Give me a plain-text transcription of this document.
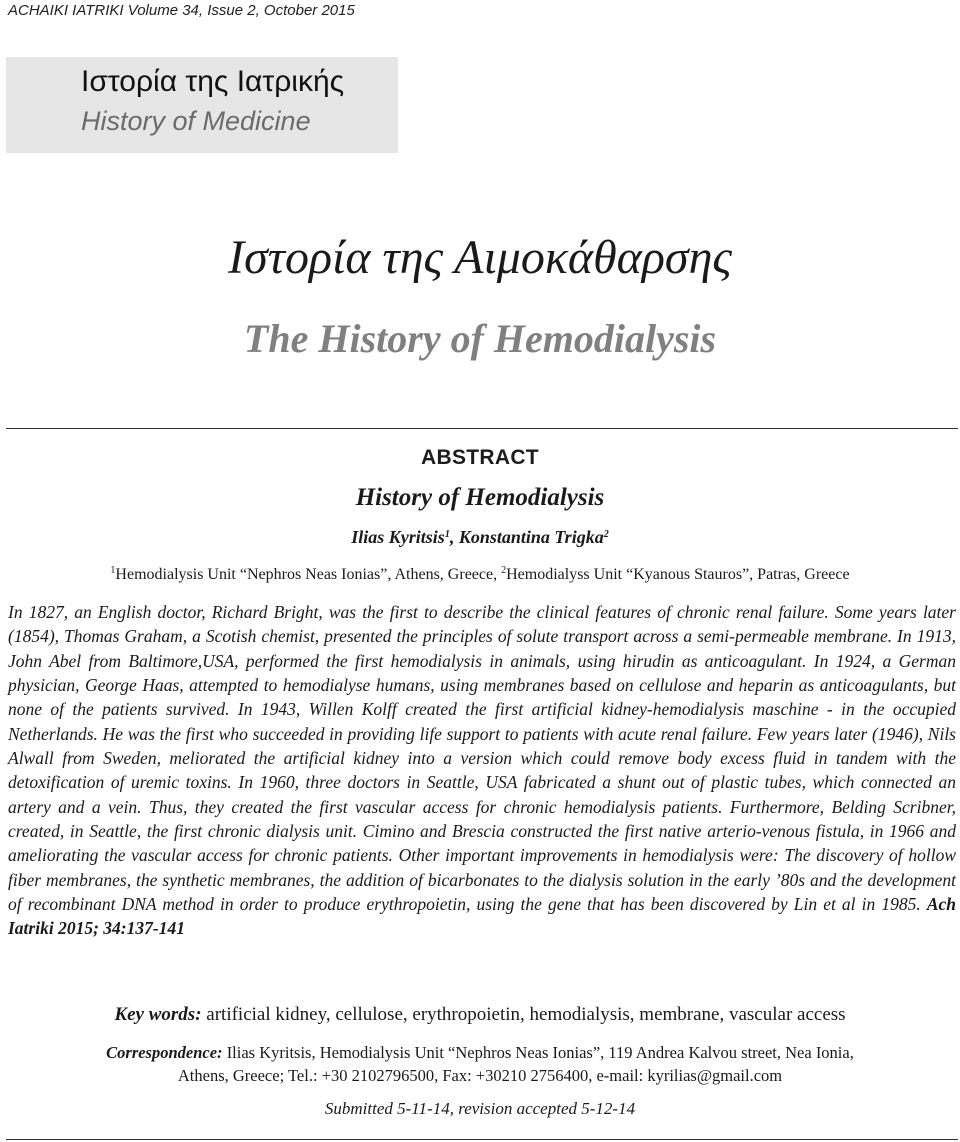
ACHAIKI IATRIKI Volume 34, Issue 2, October 2015
Ιστορία της Ιατρικής
History of Medicine
Ιστορία της Αιμοκάθαρσης
The History of Hemodialysis
ABSTRACT
History of Hemodialysis
Ilias Kyritsis$^1$, Konstantina Trigka$^2$
$^1$Hemodialysis Unit “Nephros Neas Ionias”, Athens, Greece, $^2$Hemodialyss Unit “Kyanous Stauros”, Patras, Greece

In 1827, an English doctor, Richard Bright, was the first to describe the clinical features of chronic renal failure. Some years later (1854), Thomas Graham, a Scotish chemist, presented the principles of solute transport across a semi-permeable membrane. In 1913, John Abel from Baltimore,USA, performed the first hemodialysis in animals, using hirudin as anticoagulant. In 1924, a German physician, George Haas, attempted to hemodialyse humans, using membranes based on cellulose and heparin as anticoagulants, but none of the patients survived. In 1943, Willen Kolff created the first artificial kidney-hemodialysis maschine - in the occupied Netherlands. He was the first who succeeded in providing life support to patients with acute renal failure. Few years later (1946), Nils Alwall from Sweden, meliorated the artificial kidney into a version which could remove body excess fluid in tandem with the detoxification of uremic toxins. In 1960, three doctors in Seattle, USA fabricated a shunt out of plastic tubes, which connected an artery and a vein. Thus, they created the first vascular access for chronic hemodialysis patients. Furthermore, Belding Scribner, created, in Seattle, the first chronic dialysis unit. Cimino and Brescia constructed the first native arterio-venous fistula, in 1966 and ameliorating the vascular access for chronic patients. Other important improvements in hemodialysis were: The discovery of hollow fiber membranes, the synthetic membranes, the addition of bicarbonates to the dialysis solution in the early ’80s and the development of recombinant DNA method in order to produce erythropoietin, using the gene that has been discovered by Lin et al in 1985. Ach Iatriki 2015; 34:137-141

Key words: artificial kidney, cellulose, erythropoietin, hemodialysis, membrane, vascular access
Correspondence: Ilias Kyritsis, Hemodialysis Unit “Nephros Neas Ionias”, 119 Andrea Kalvou street, Nea Ionia,
Athens, Greece; Tel.: +30 2102796500, Fax: +30210 2756400, e-mail: kyrilias@gmail.com
Submitted 5-11-14, revision accepted 5-12-14
